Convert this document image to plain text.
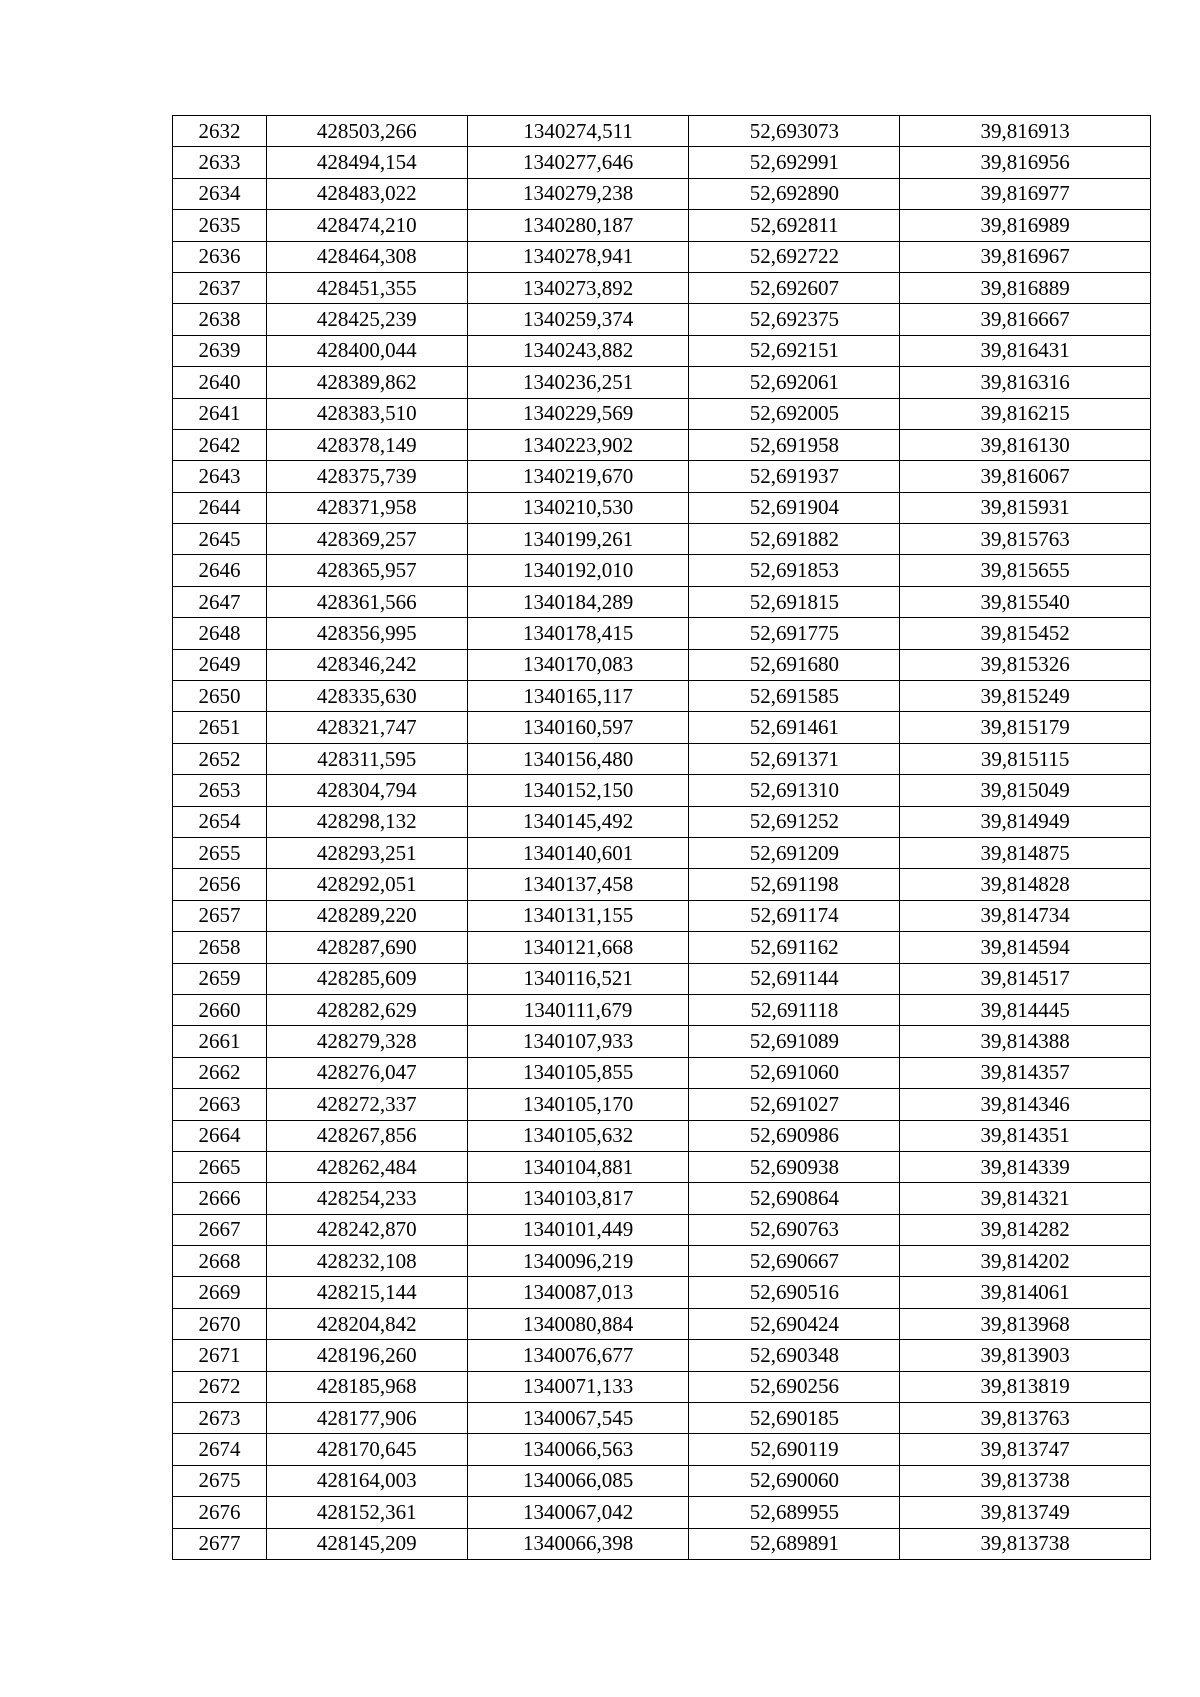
2632	428503,266	1340274,511	52,693073	39,816913
2633	428494,154	1340277,646	52,692991	39,816956
2634	428483,022	1340279,238	52,692890	39,816977
2635	428474,210	1340280,187	52,692811	39,816989
2636	428464,308	1340278,941	52,692722	39,816967
2637	428451,355	1340273,892	52,692607	39,816889
2638	428425,239	1340259,374	52,692375	39,816667
2639	428400,044	1340243,882	52,692151	39,816431
2640	428389,862	1340236,251	52,692061	39,816316
2641	428383,510	1340229,569	52,692005	39,816215
2642	428378,149	1340223,902	52,691958	39,816130
2643	428375,739	1340219,670	52,691937	39,816067
2644	428371,958	1340210,530	52,691904	39,815931
2645	428369,257	1340199,261	52,691882	39,815763
2646	428365,957	1340192,010	52,691853	39,815655
2647	428361,566	1340184,289	52,691815	39,815540
2648	428356,995	1340178,415	52,691775	39,815452
2649	428346,242	1340170,083	52,691680	39,815326
2650	428335,630	1340165,117	52,691585	39,815249
2651	428321,747	1340160,597	52,691461	39,815179
2652	428311,595	1340156,480	52,691371	39,815115
2653	428304,794	1340152,150	52,691310	39,815049
2654	428298,132	1340145,492	52,691252	39,814949
2655	428293,251	1340140,601	52,691209	39,814875
2656	428292,051	1340137,458	52,691198	39,814828
2657	428289,220	1340131,155	52,691174	39,814734
2658	428287,690	1340121,668	52,691162	39,814594
2659	428285,609	1340116,521	52,691144	39,814517
2660	428282,629	1340111,679	52,691118	39,814445
2661	428279,328	1340107,933	52,691089	39,814388
2662	428276,047	1340105,855	52,691060	39,814357
2663	428272,337	1340105,170	52,691027	39,814346
2664	428267,856	1340105,632	52,690986	39,814351
2665	428262,484	1340104,881	52,690938	39,814339
2666	428254,233	1340103,817	52,690864	39,814321
2667	428242,870	1340101,449	52,690763	39,814282
2668	428232,108	1340096,219	52,690667	39,814202
2669	428215,144	1340087,013	52,690516	39,814061
2670	428204,842	1340080,884	52,690424	39,813968
2671	428196,260	1340076,677	52,690348	39,813903
2672	428185,968	1340071,133	52,690256	39,813819
2673	428177,906	1340067,545	52,690185	39,813763
2674	428170,645	1340066,563	52,690119	39,813747
2675	428164,003	1340066,085	52,690060	39,813738
2676	428152,361	1340067,042	52,689955	39,813749
2677	428145,209	1340066,398	52,689891	39,813738
